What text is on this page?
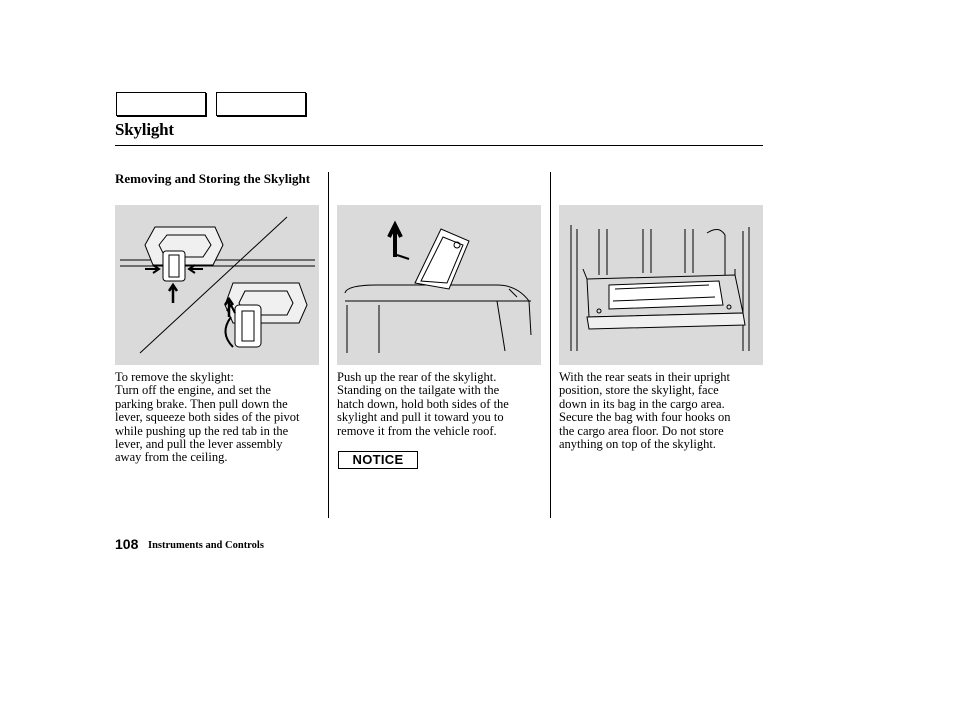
Skylight
Removing and Storing the Skylight
To remove the skylight:
Turn off the engine, and set the
parking brake. Then pull down the
lever, squeeze both sides of the pivot
while pushing up the red tab in the
lever, and pull the lever assembly
away from the ceiling.
Push up the rear of the skylight.
Standing on the tailgate with the
hatch down, hold both sides of the
skylight and pull it toward you to
remove it from the vehicle roof.
With the rear seats in their upright
position, store the skylight, face
down in its bag in the cargo area.
Secure the bag with four hooks on
the cargo area floor. Do not store
anything on top of the skylight.
NOTICE
108 Instruments and Controls
